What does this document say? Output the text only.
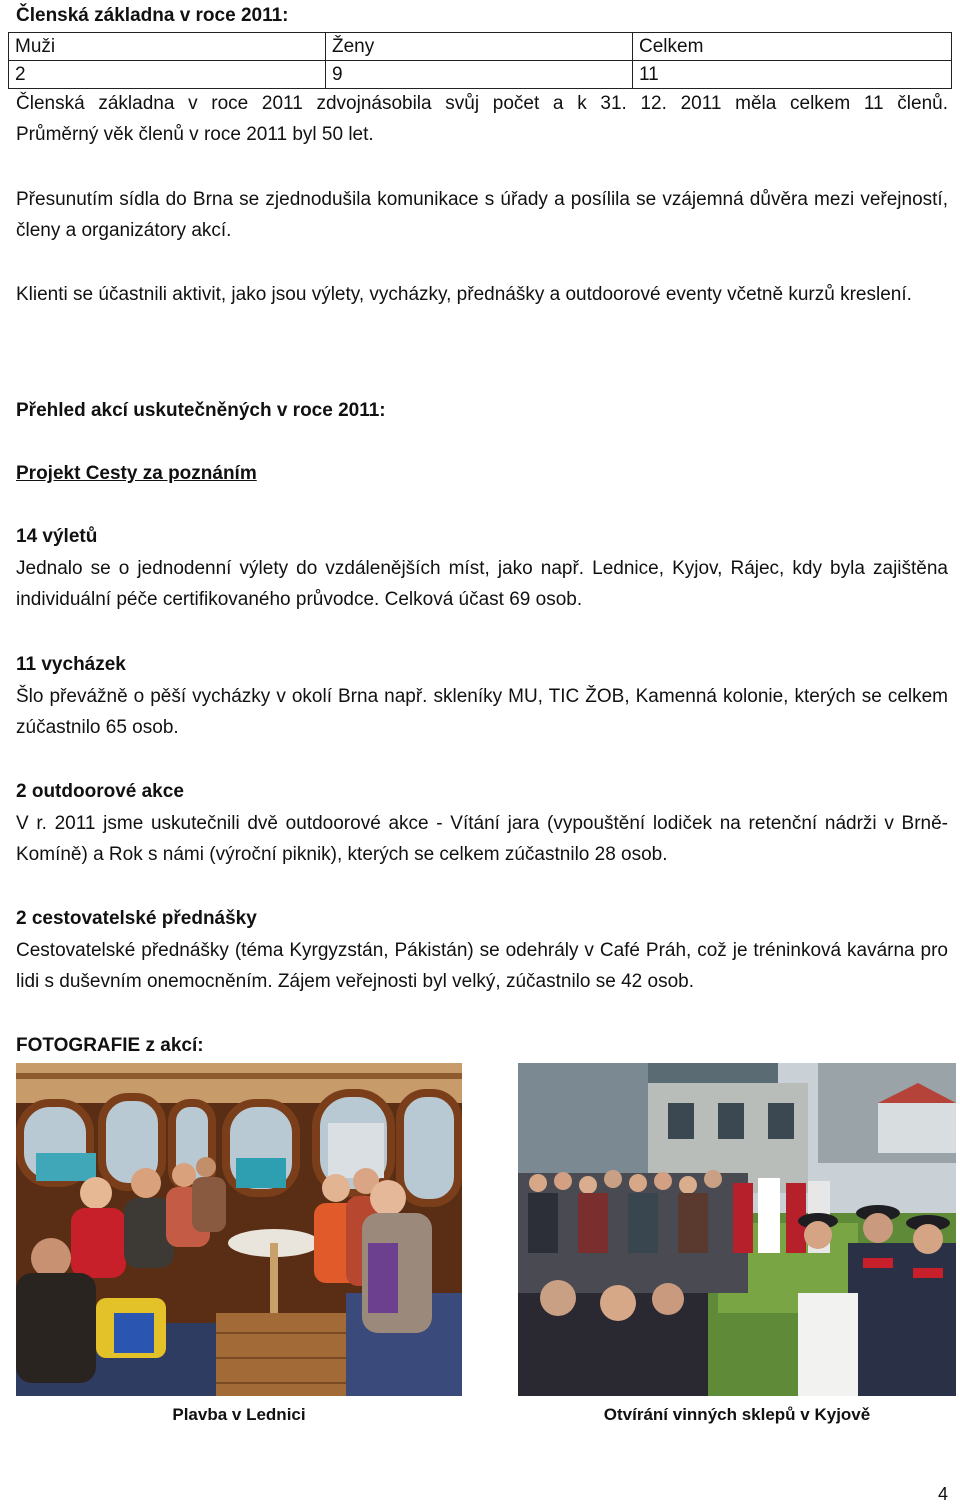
Členská základna v roce 2011:
Muži	Ženy	Celkem
2	9	11
Členská základna v roce 2011 zdvojnásobila svůj počet a k 31. 12. 2011 měla celkem 11 členů.
Průměrný věk členů v roce 2011 byl 50 let.
Přesunutím sídla do Brna se zjednodušila komunikace s úřady a posílila se vzájemná důvěra mezi veřejností, členy a organizátory akcí.
Klienti se účastnili aktivit, jako jsou výlety, vycházky, přednášky a outdoorové eventy včetně kurzů kreslení.
Přehled akcí uskutečněných v roce 2011:
Projekt Cesty za poznáním
14 výletů
Jednalo se o jednodenní výlety do vzdálenějších míst, jako např. Lednice, Kyjov, Rájec, kdy byla zajištěna individuální péče certifikovaného průvodce. Celková účast 69 osob.
11 vycházek
Šlo převážně o pěší vycházky v okolí Brna např. skleníky MU, TIC ŽOB, Kamenná kolonie, kterých se celkem zúčastnilo 65 osob.
2 outdoorové akce
V r. 2011 jsme uskutečnili dvě outdoorové akce - Vítání jara (vypouštění lodiček na retenční nádrži v Brně-Komíně) a Rok s námi (výroční piknik), kterých se celkem zúčastnilo 28 osob.
2 cestovatelské přednášky
Cestovatelské přednášky (téma Kyrgyzstán, Pákistán) se odehrály v Café Práh, což je tréninková kavárna pro lidi s duševním onemocněním. Zájem veřejnosti byl velký, zúčastnilo se 42 osob.
FOTOGRAFIE z akcí:
Plavba v Lednici	Otvírání vinných sklepů v Kyjově
4
